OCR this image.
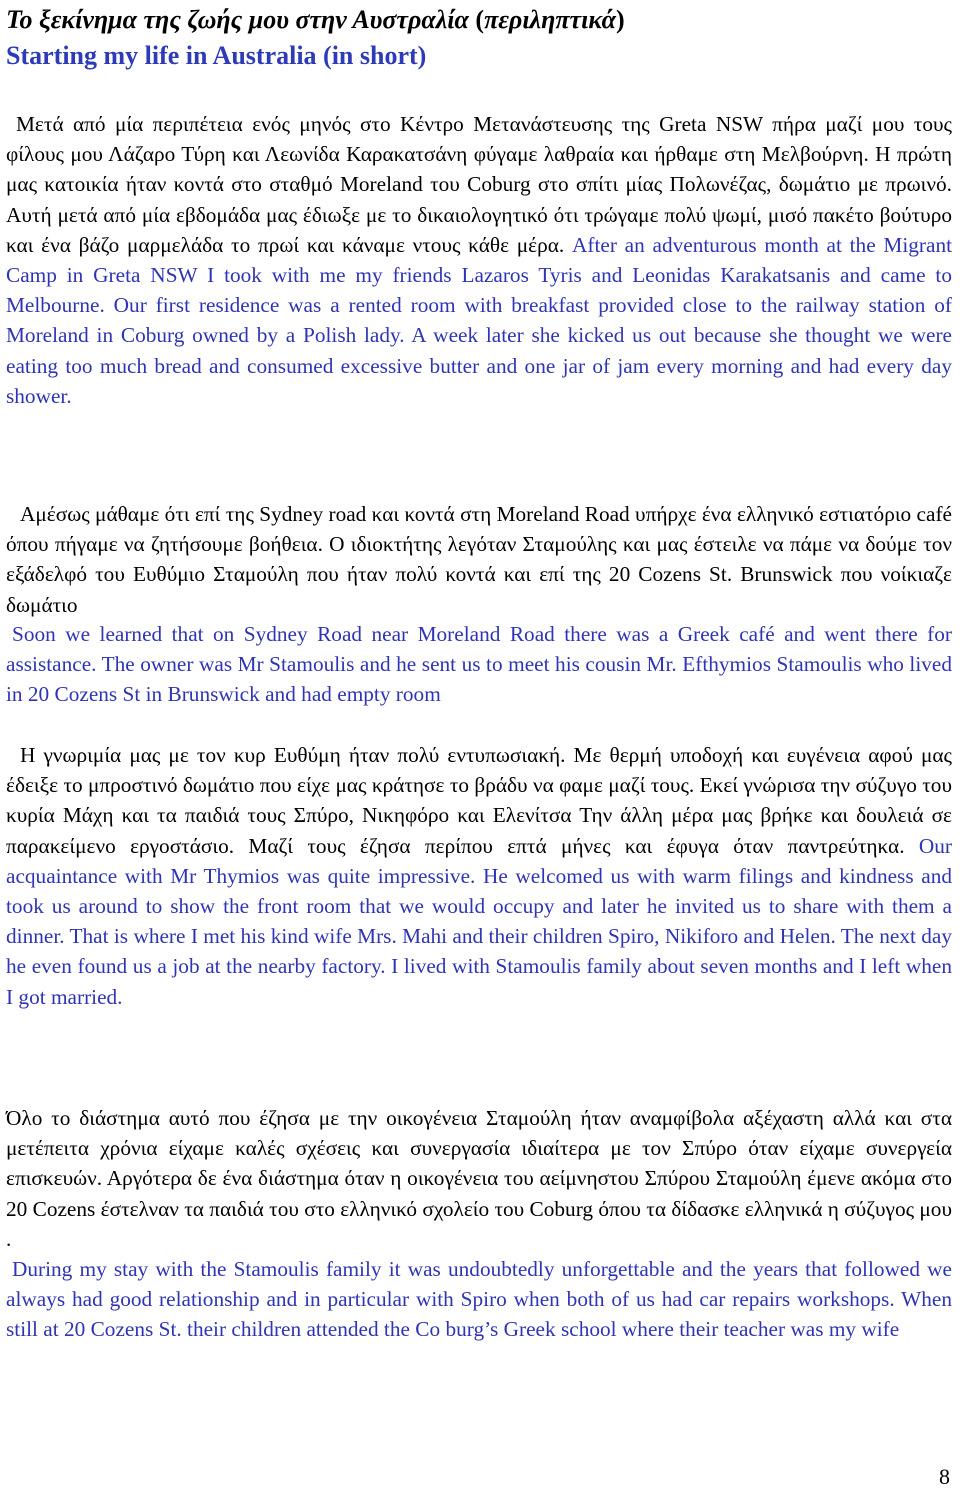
Το ξεκίνημα της ζωής μου στην Αυστραλία (περιληπτικά)
Starting my life in Australia (in short)

Μετά από μία περιπέτεια ενός μηνός στο Κέντρο Μετανάστευσης της Greta NSW πήρα μαζί μου τους φίλους μου Λάζαρο Τύρη και Λεωνίδα Καρακατσάνη φύγαμε λαθραία και ήρθαμε στη Μελβούρνη. Η πρώτη μας κατοικία ήταν κοντά στο σταθμό Moreland του Coburg στο σπίτι μίας Πολωνέζας, δωμάτιο με πρωινό. Αυτή μετά από μία εβδομάδα μας έδιωξε με το δικαιολογητικό ότι τρώγαμε πολύ ψωμί, μισό πακέτο βούτυρο και ένα βάζο μαρμελάδα το πρωί και κάναμε ντους κάθε μέρα. After an adventurous month at the Migrant Camp in Greta NSW I took with me my friends Lazaros Tyris and Leonidas Karakatsanis and came to Melbourne. Our first residence was a rented room with breakfast provided close to the railway station of Moreland in Coburg owned by a Polish lady. A week later she kicked us out because she thought we were eating too much bread and consumed excessive butter and one jar of jam every morning and had every day shower.

Αμέσως μάθαμε ότι επί της Sydney road και κοντά στη Moreland Road υπήρχε ένα ελληνικό εστιατόριο café όπου πήγαμε να ζητήσουμε βοήθεια. Ο ιδιοκτήτης λεγόταν Σταμούλης και μας έστειλε να πάμε να δούμε τον εξάδελφό του Ευθύμιο Σταμούλη που ήταν πολύ κοντά και επί της 20 Cozens St. Brunswick που νοίκιαζε δωμάτιο

Soon we learned that on Sydney Road near Moreland Road there was a Greek café and went there for assistance. The owner was Mr Stamoulis and he sent us to meet his cousin Mr. Efthymios Stamoulis who lived in 20 Cozens St in Brunswick and had empty room

Η γνωριμία μας με τον κυρ Ευθύμη ήταν πολύ εντυπωσιακή. Με θερμή υποδοχή και ευγένεια αφού μας έδειξε το μπροστινό δωμάτιο που είχε μας κράτησε το βράδυ να φαμε μαζί τους. Εκεί γνώρισα την σύζυγο του κυρία Μάχη και τα παιδιά τους Σπύρο, Νικηφόρο και Ελενίτσα Την άλλη μέρα μας βρήκε και δουλειά σε παρακείμενο εργοστάσιο. Μαζί τους έζησα περίπου επτά μήνες και έφυγα όταν παντρεύτηκα. Our acquaintance with Mr Thymios was quite impressive. He welcomed us with warm filings and kindness and took us around to show the front room that we would occupy and later he invited us to share with them a dinner. That is where I met his kind wife Mrs. Mahi and their children Spiro, Nikiforo and Helen. The next day he even found us a job at the nearby factory. I lived with Stamoulis family about seven months and I left when I got married.

Όλο το διάστημα αυτό που έζησα με την οικογένεια Σταμούλη ήταν αναμφίβολα αξέχαστη αλλά και στα μετέπειτα χρόνια είχαμε καλές σχέσεις και συνεργασία ιδιαίτερα με τον Σπύρο όταν είχαμε συνεργεία επισκευών. Αργότερα δε ένα διάστημα όταν η οικογένεια του αείμνηστου Σπύρου Σταμούλη έμενε ακόμα στο 20 Cozens έστελναν τα παιδιά του στο ελληνικό σχολείο του Coburg όπου τα δίδασκε ελληνικά η σύζυγος μου .

During my stay with the Stamoulis family it was undoubtedly unforgettable and the years that followed we always had good relationship and in particular with Spiro when both of us had car repairs workshops. When still at 20 Cozens St. their children attended the Co burg’s Greek school where their teacher was my wife

8
